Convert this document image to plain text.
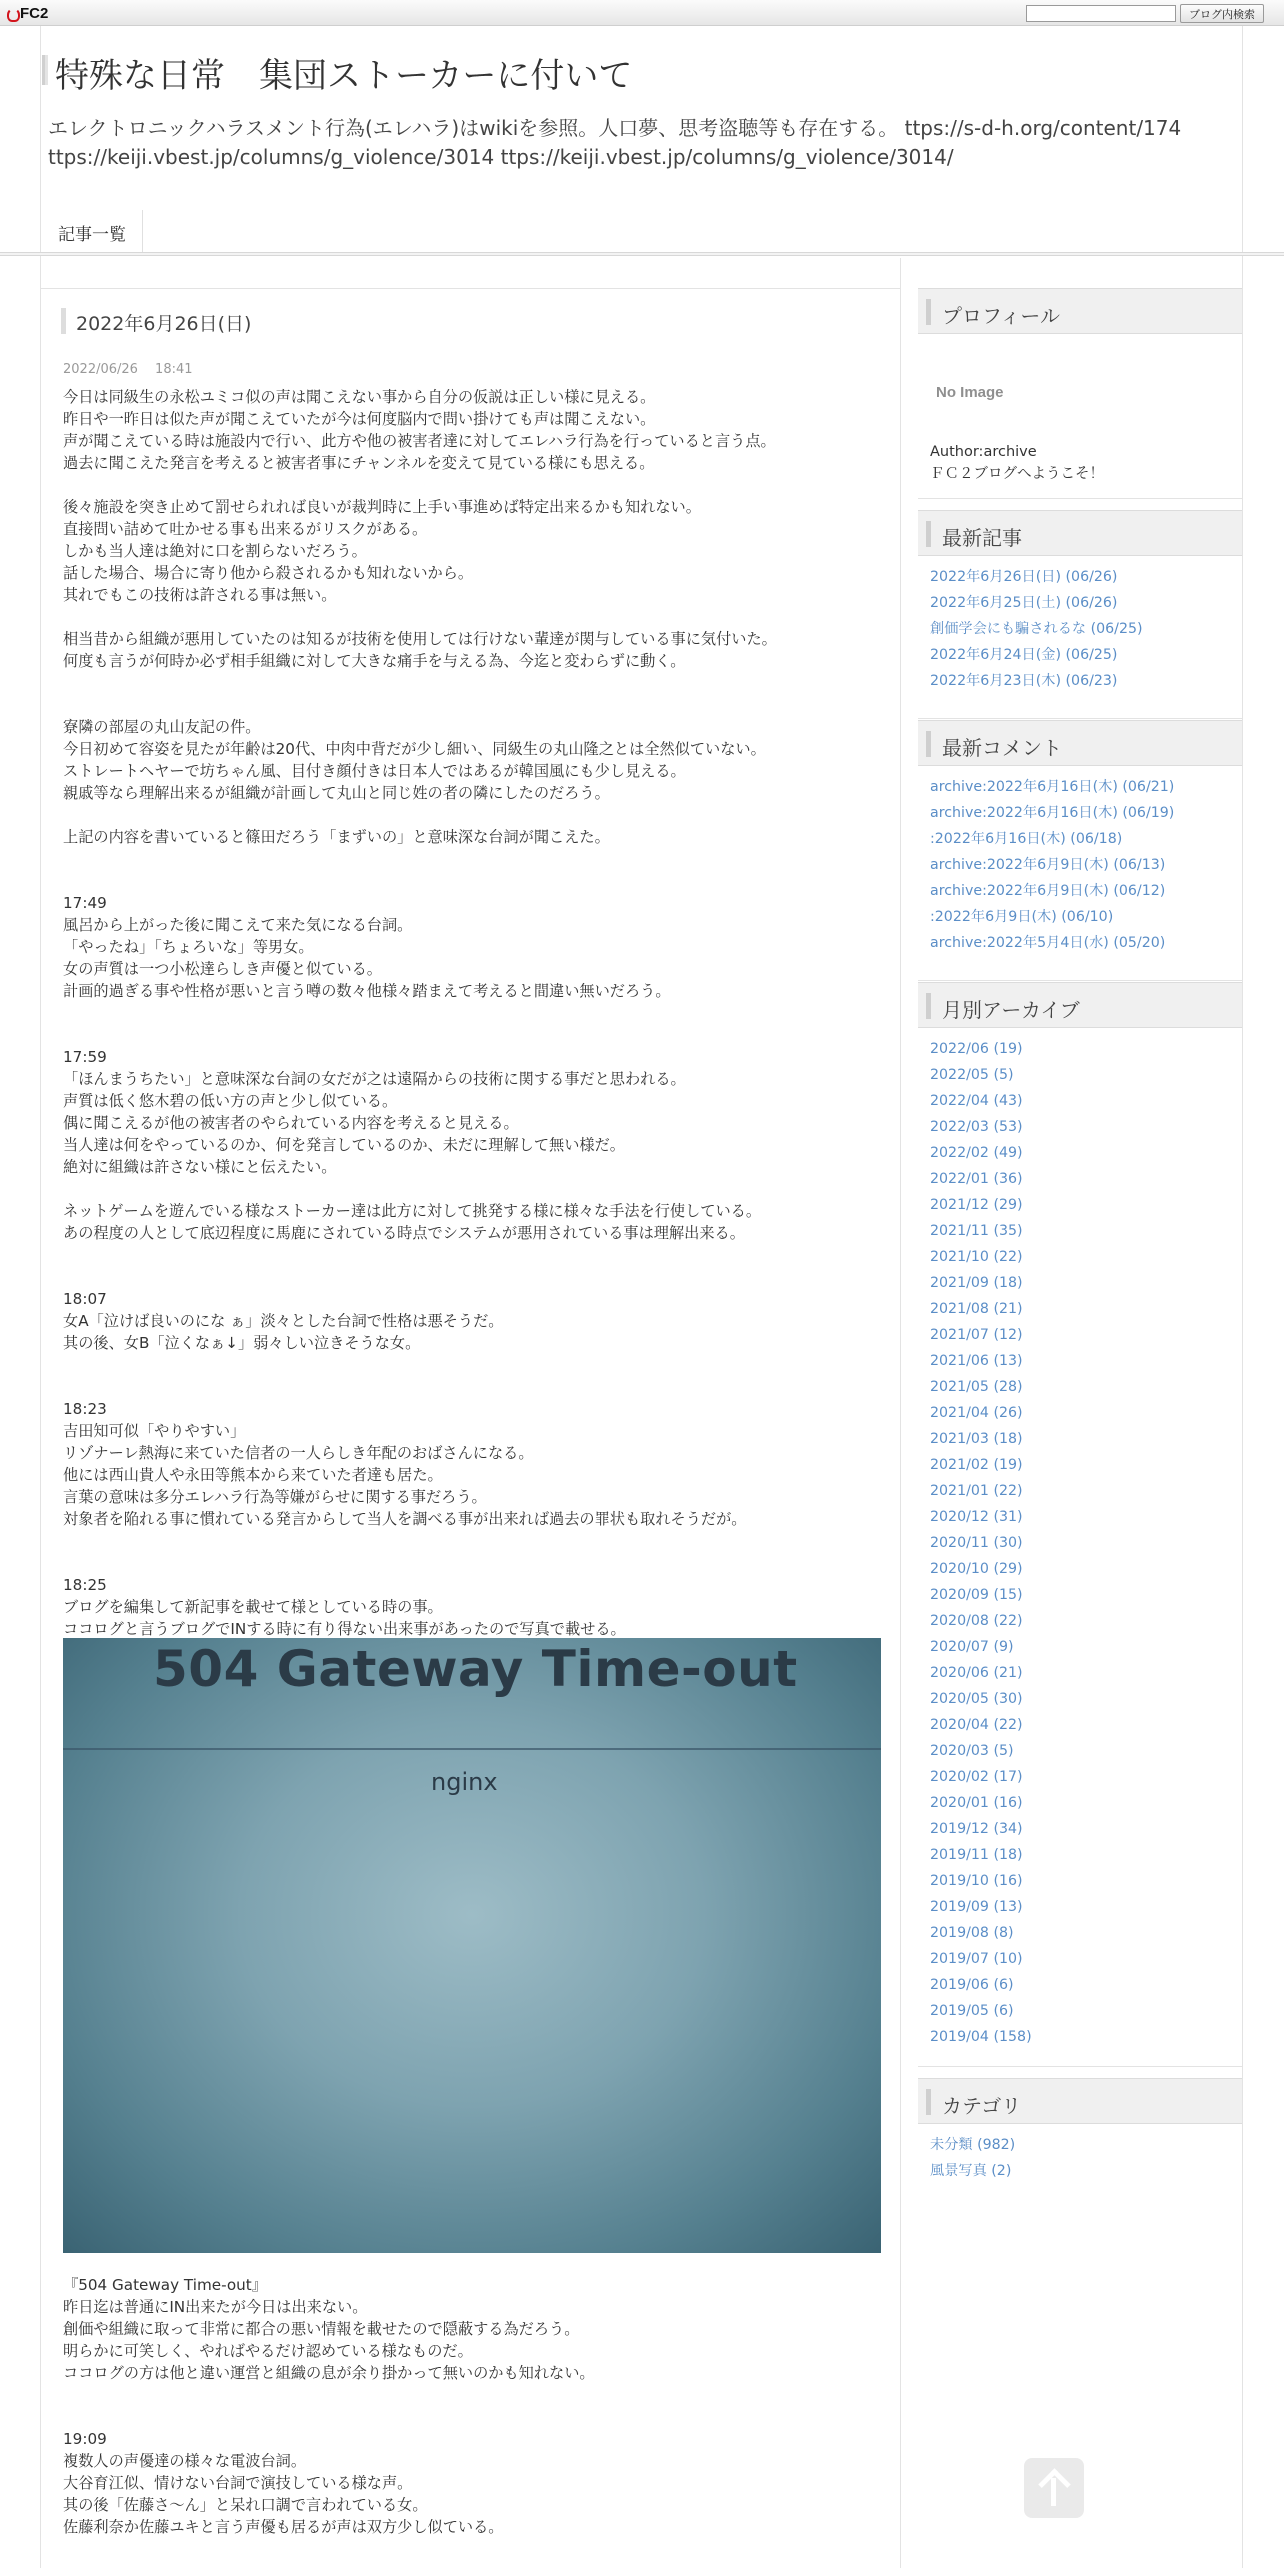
FC2	ブログ内検索
特殊な日常　集団ストーカーに付いて
エレクトロニックハラスメント行為(エレハラ)はwikiを参照。人口夢、思考盗聴等も存在する。 ttps://s-d-h.org/content/174
ttps://keiji.vbest.jp/columns/g_violence/3014 ttps://keiji.vbest.jp/columns/g_violence/3014/
記事一覧
2022年6月26日(日)
2022/06/26　 18:41
今日は同級生の永松ユミコ似の声は聞こえない事から自分の仮説は正しい様に見える。
昨日や一昨日は似た声が聞こえていたが今は何度脳内で問い掛けても声は聞こえない。
声が聞こえている時は施設内で行い、此方や他の被害者達に対してエレハラ行為を行っていると言う点。
過去に聞こえた発言を考えると被害者事にチャンネルを変えて見ている様にも思える。

後々施設を突き止めて罰せられれば良いが裁判時に上手い事進めば特定出来るかも知れない。
直接問い詰めて吐かせる事も出来るがリスクがある。
しかも当人達は絶対に口を割らないだろう。
話した場合、場合に寄り他から殺されるかも知れないから。
其れでもこの技術は許される事は無い。

相当昔から組織が悪用していたのは知るが技術を使用しては行けない輩達が関与している事に気付いた。
何度も言うが何時か必ず相手組織に対して大きな痛手を与える為、今迄と変わらずに動く。

寮隣の部屋の丸山友記の件。
今日初めて容姿を見たが年齢は20代、中肉中背だが少し細い、同級生の丸山隆之とは全然似ていない。
ストレートヘヤーで坊ちゃん風、目付き顔付きは日本人ではあるが韓国風にも少し見える。
親戚等なら理解出来るが組織が計画して丸山と同じ姓の者の隣にしたのだろう。

上記の内容を書いていると篠田だろう「まずいの」と意味深な台詞が聞こえた。

17:49
風呂から上がった後に聞こえて来た気になる台詞。
「やったね」「ちょろいな」等男女。
女の声質は一つ小松達らしき声優と似ている。
計画的過ぎる事や性格が悪いと言う噂の数々他様々踏まえて考えると間違い無いだろう。

17:59
「ほんまうちたい」と意味深な台詞の女だが之は遠隔からの技術に関する事だと思われる。
声質は低く悠木碧の低い方の声と少し似ている。
偶に聞こえるが他の被害者のやられている内容を考えると見える。
当人達は何をやっているのか、何を発言しているのか、未だに理解して無い様だ。
絶対に組織は許さない様にと伝えたい。

ネットゲームを遊んでいる様なストーカー達は此方に対して挑発する様に様々な手法を行使している。
あの程度の人として底辺程度に馬鹿にされている時点でシステムが悪用されている事は理解出来る。

18:07
女A「泣けば良いのにな ぁ」淡々とした台詞で性格は悪そうだ。
其の後、女B「泣くなぁ↓」弱々しい泣きそうな女。

18:23
吉田知可似「やりやすい」
リゾナーレ熱海に来ていた信者の一人らしき年配のおばさんになる。
他には西山貴人や永田等熊本から来ていた者達も居た。
言葉の意味は多分エレハラ行為等嫌がらせに関する事だろう。
対象者を陥れる事に慣れている発言からして当人を調べる事が出来れば過去の罪状も取れそうだが。

18:25
ブログを編集して新記事を載せて様としている時の事。
ココログと言うブログでINする時に有り得ない出来事があったので写真で載せる。
504 Gateway Time-out
nginx
『504 Gateway Time-out』
昨日迄は普通にIN出来たが今日は出来ない。
創価や組織に取って非常に都合の悪い情報を載せたので隠蔽する為だろう。
明らかに可笑しく、やればやるだけ認めている様なものだ。
ココログの方は他と違い運営と組織の息が余り掛かって無いのかも知れない。

19:09
複数人の声優達の様々な電波台詞。
大谷育江似、情けない台詞で演技している様な声。
其の後「佐藤さ～ん」と呆れ口調で言われている女。
佐藤利奈か佐藤ユキと言う声優も居るが声は双方少し似ている。
プロフィール
No Image
Author:archive
ＦＣ２ブログへようこそ！
最新記事
2022年6月26日(日) (06/26)
2022年6月25日(土) (06/26)
創価学会にも騙されるな (06/25)
2022年6月24日(金) (06/25)
2022年6月23日(木) (06/23)
最新コメント
archive:2022年6月16日(木) (06/21)
archive:2022年6月16日(木) (06/19)
:2022年6月16日(木) (06/18)
archive:2022年6月9日(木) (06/13)
archive:2022年6月9日(木) (06/12)
:2022年6月9日(木) (06/10)
archive:2022年5月4日(水) (05/20)
月別アーカイブ
2022/06 (19)
2022/05 (5)
2022/04 (43)
2022/03 (53)
2022/02 (49)
2022/01 (36)
2021/12 (29)
2021/11 (35)
2021/10 (22)
2021/09 (18)
2021/08 (21)
2021/07 (12)
2021/06 (13)
2021/05 (28)
2021/04 (26)
2021/03 (18)
2021/02 (19)
2021/01 (22)
2020/12 (31)
2020/11 (30)
2020/10 (29)
2020/09 (15)
2020/08 (22)
2020/07 (9)
2020/06 (21)
2020/05 (30)
2020/04 (22)
2020/03 (5)
2020/02 (17)
2020/01 (16)
2019/12 (34)
2019/11 (18)
2019/10 (16)
2019/09 (13)
2019/08 (8)
2019/07 (10)
2019/06 (6)
2019/05 (6)
2019/04 (158)
カテゴリ
未分類 (982)
風景写真 (2)
